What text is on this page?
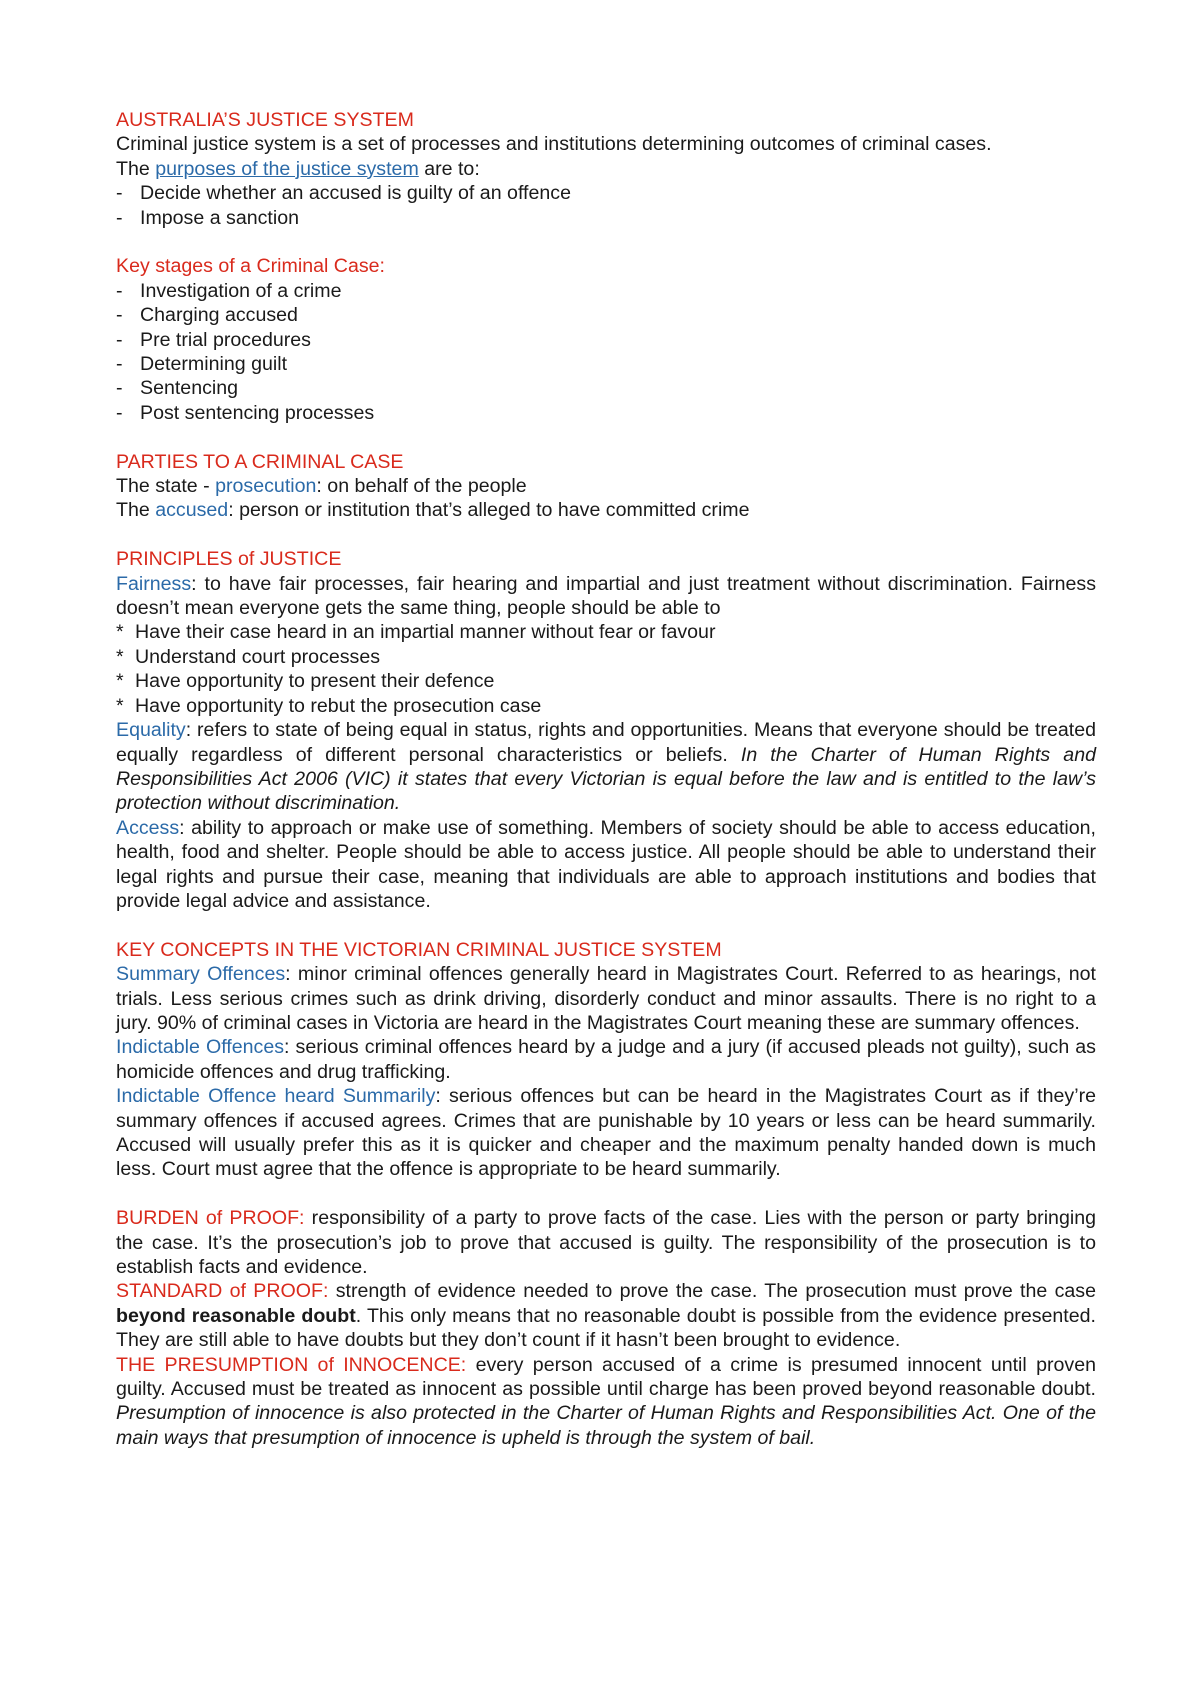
AUSTRALIA’S JUSTICE SYSTEM

Criminal justice system is a set of processes and institutions determining outcomes of criminal cases.

The purposes of the justice system are to:

- Decide whether an accused is guilty of an offence
- Impose a sanction

Key stages of a Criminal Case:

- Investigation of a crime
- Charging accused
- Pre trial procedures
- Determining guilt
- Sentencing
- Post sentencing processes

PARTIES TO A CRIMINAL CASE

The state - prosecution: on behalf of the people

The accused: person or institution that’s alleged to have committed crime

PRINCIPLES of JUSTICE

Fairness: to have fair processes, fair hearing and impartial and just treatment without discrimination. Fairness doesn’t mean everyone gets the same thing, people should be able to

* Have their case heard in an impartial manner without fear or favour
* Understand court processes
* Have opportunity to present their defence
* Have opportunity to rebut the prosecution case

Equality: refers to state of being equal in status, rights and opportunities. Means that everyone should be treated equally regardless of different personal characteristics or beliefs. In the Charter of Human Rights and Responsibilities Act 2006 (VIC) it states that every Victorian is equal before the law and is entitled to the law’s protection without discrimination.

Access: ability to approach or make use of something. Members of society should be able to access education, health, food and shelter. People should be able to access justice. All people should be able to understand their legal rights and pursue their case, meaning that individuals are able to approach institutions and bodies that provide legal advice and assistance.

KEY CONCEPTS IN THE VICTORIAN CRIMINAL JUSTICE SYSTEM

Summary Offences: minor criminal offences generally heard in Magistrates Court. Referred to as hearings, not trials. Less serious crimes such as drink driving, disorderly conduct and minor assaults. There is no right to a jury. 90% of criminal cases in Victoria are heard in the Magistrates Court meaning these are summary offences.

Indictable Offences: serious criminal offences heard by a judge and a jury (if accused pleads not guilty), such as homicide offences and drug trafficking.

Indictable Offence heard Summarily: serious offences but can be heard in the Magistrates Court as if they’re summary offences if accused agrees. Crimes that are punishable by 10 years or less can be heard summarily. Accused will usually prefer this as it is quicker and cheaper and the maximum penalty handed down is much less. Court must agree that the offence is appropriate to be heard summarily.

BURDEN of PROOF: responsibility of a party to prove facts of the case. Lies with the person or party bringing the case. It’s the prosecution’s job to prove that accused is guilty. The responsibility of the prosecution is to establish facts and evidence.

STANDARD of PROOF: strength of evidence needed to prove the case. The prosecution must prove the case beyond reasonable doubt. This only means that no reasonable doubt is possible from the evidence presented. They are still able to have doubts but they don’t count if it hasn’t been brought to evidence.

THE PRESUMPTION of INNOCENCE: every person accused of a crime is presumed innocent until proven guilty. Accused must be treated as innocent as possible until charge has been proved beyond reasonable doubt. Presumption of innocence is also protected in the Charter of Human Rights and Responsibilities Act. One of the main ways that presumption of innocence is upheld is through the system of bail.
